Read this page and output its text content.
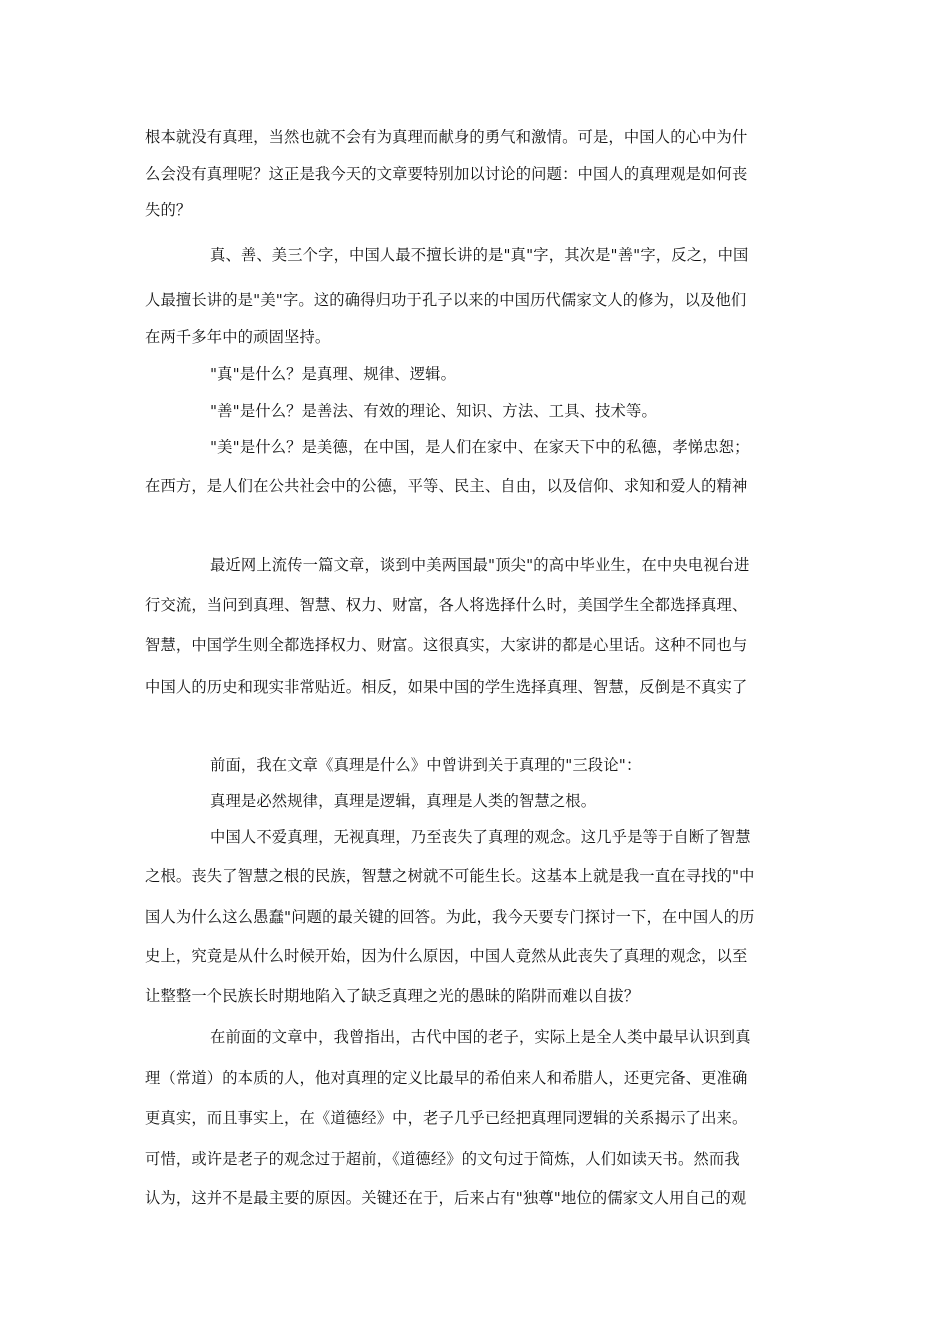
根本就没有真理，当然也就不会有为真理而献身的勇气和激情。可是，中国人的心中为什
么会没有真理呢？这正是我今天的文章要特别加以讨论的问题：中国人的真理观是如何丧
失的？
真、善、美三个字，中国人最不擅长讲的是"真"字，其次是"善"字，反之，中国
人最擅长讲的是"美"字。这的确得归功于孔子以来的中国历代儒家文人的修为，以及他们
在两千多年中的顽固坚持。
"真"是什么？是真理、规律、逻辑。
"善"是什么？是善法、有效的理论、知识、方法、工具、技术等。
"美"是什么？是美德，在中国，是人们在家中、在家天下中的私德，孝悌忠恕；
在西方，是人们在公共社会中的公德，平等、民主、自由，以及信仰、求知和爱人的精神
最近网上流传一篇文章，谈到中美两国最"顶尖"的高中毕业生，在中央电视台进
行交流，当问到真理、智慧、权力、财富，各人将选择什么时，美国学生全都选择真理、
智慧，中国学生则全都选择权力、财富。这很真实，大家讲的都是心里话。这种不同也与
中国人的历史和现实非常贴近。相反，如果中国的学生选择真理、智慧，反倒是不真实了
前面，我在文章《真理是什么》中曾讲到关于真理的"三段论"：
真理是必然规律，真理是逻辑，真理是人类的智慧之根。
中国人不爱真理，无视真理，乃至丧失了真理的观念。这几乎是等于自断了智慧
之根。丧失了智慧之根的民族，智慧之树就不可能生长。这基本上就是我一直在寻找的"中
国人为什么这么愚蠢"问题的最关键的回答。为此，我今天要专门探讨一下，在中国人的历
史上，究竟是从什么时候开始，因为什么原因，中国人竟然从此丧失了真理的观念，以至
让整整一个民族长时期地陷入了缺乏真理之光的愚昧的陷阱而难以自拔？
在前面的文章中，我曾指出，古代中国的老子，实际上是全人类中最早认识到真
理（常道）的本质的人，他对真理的定义比最早的希伯来人和希腊人，还更完备、更准确
更真实，而且事实上，在《道德经》中，老子几乎已经把真理同逻辑的关系揭示了出来。
可惜，或许是老子的观念过于超前，《道德经》的文句过于简炼，人们如读天书。然而我
认为，这并不是最主要的原因。关键还在于，后来占有"独尊"地位的儒家文人用自己的观
